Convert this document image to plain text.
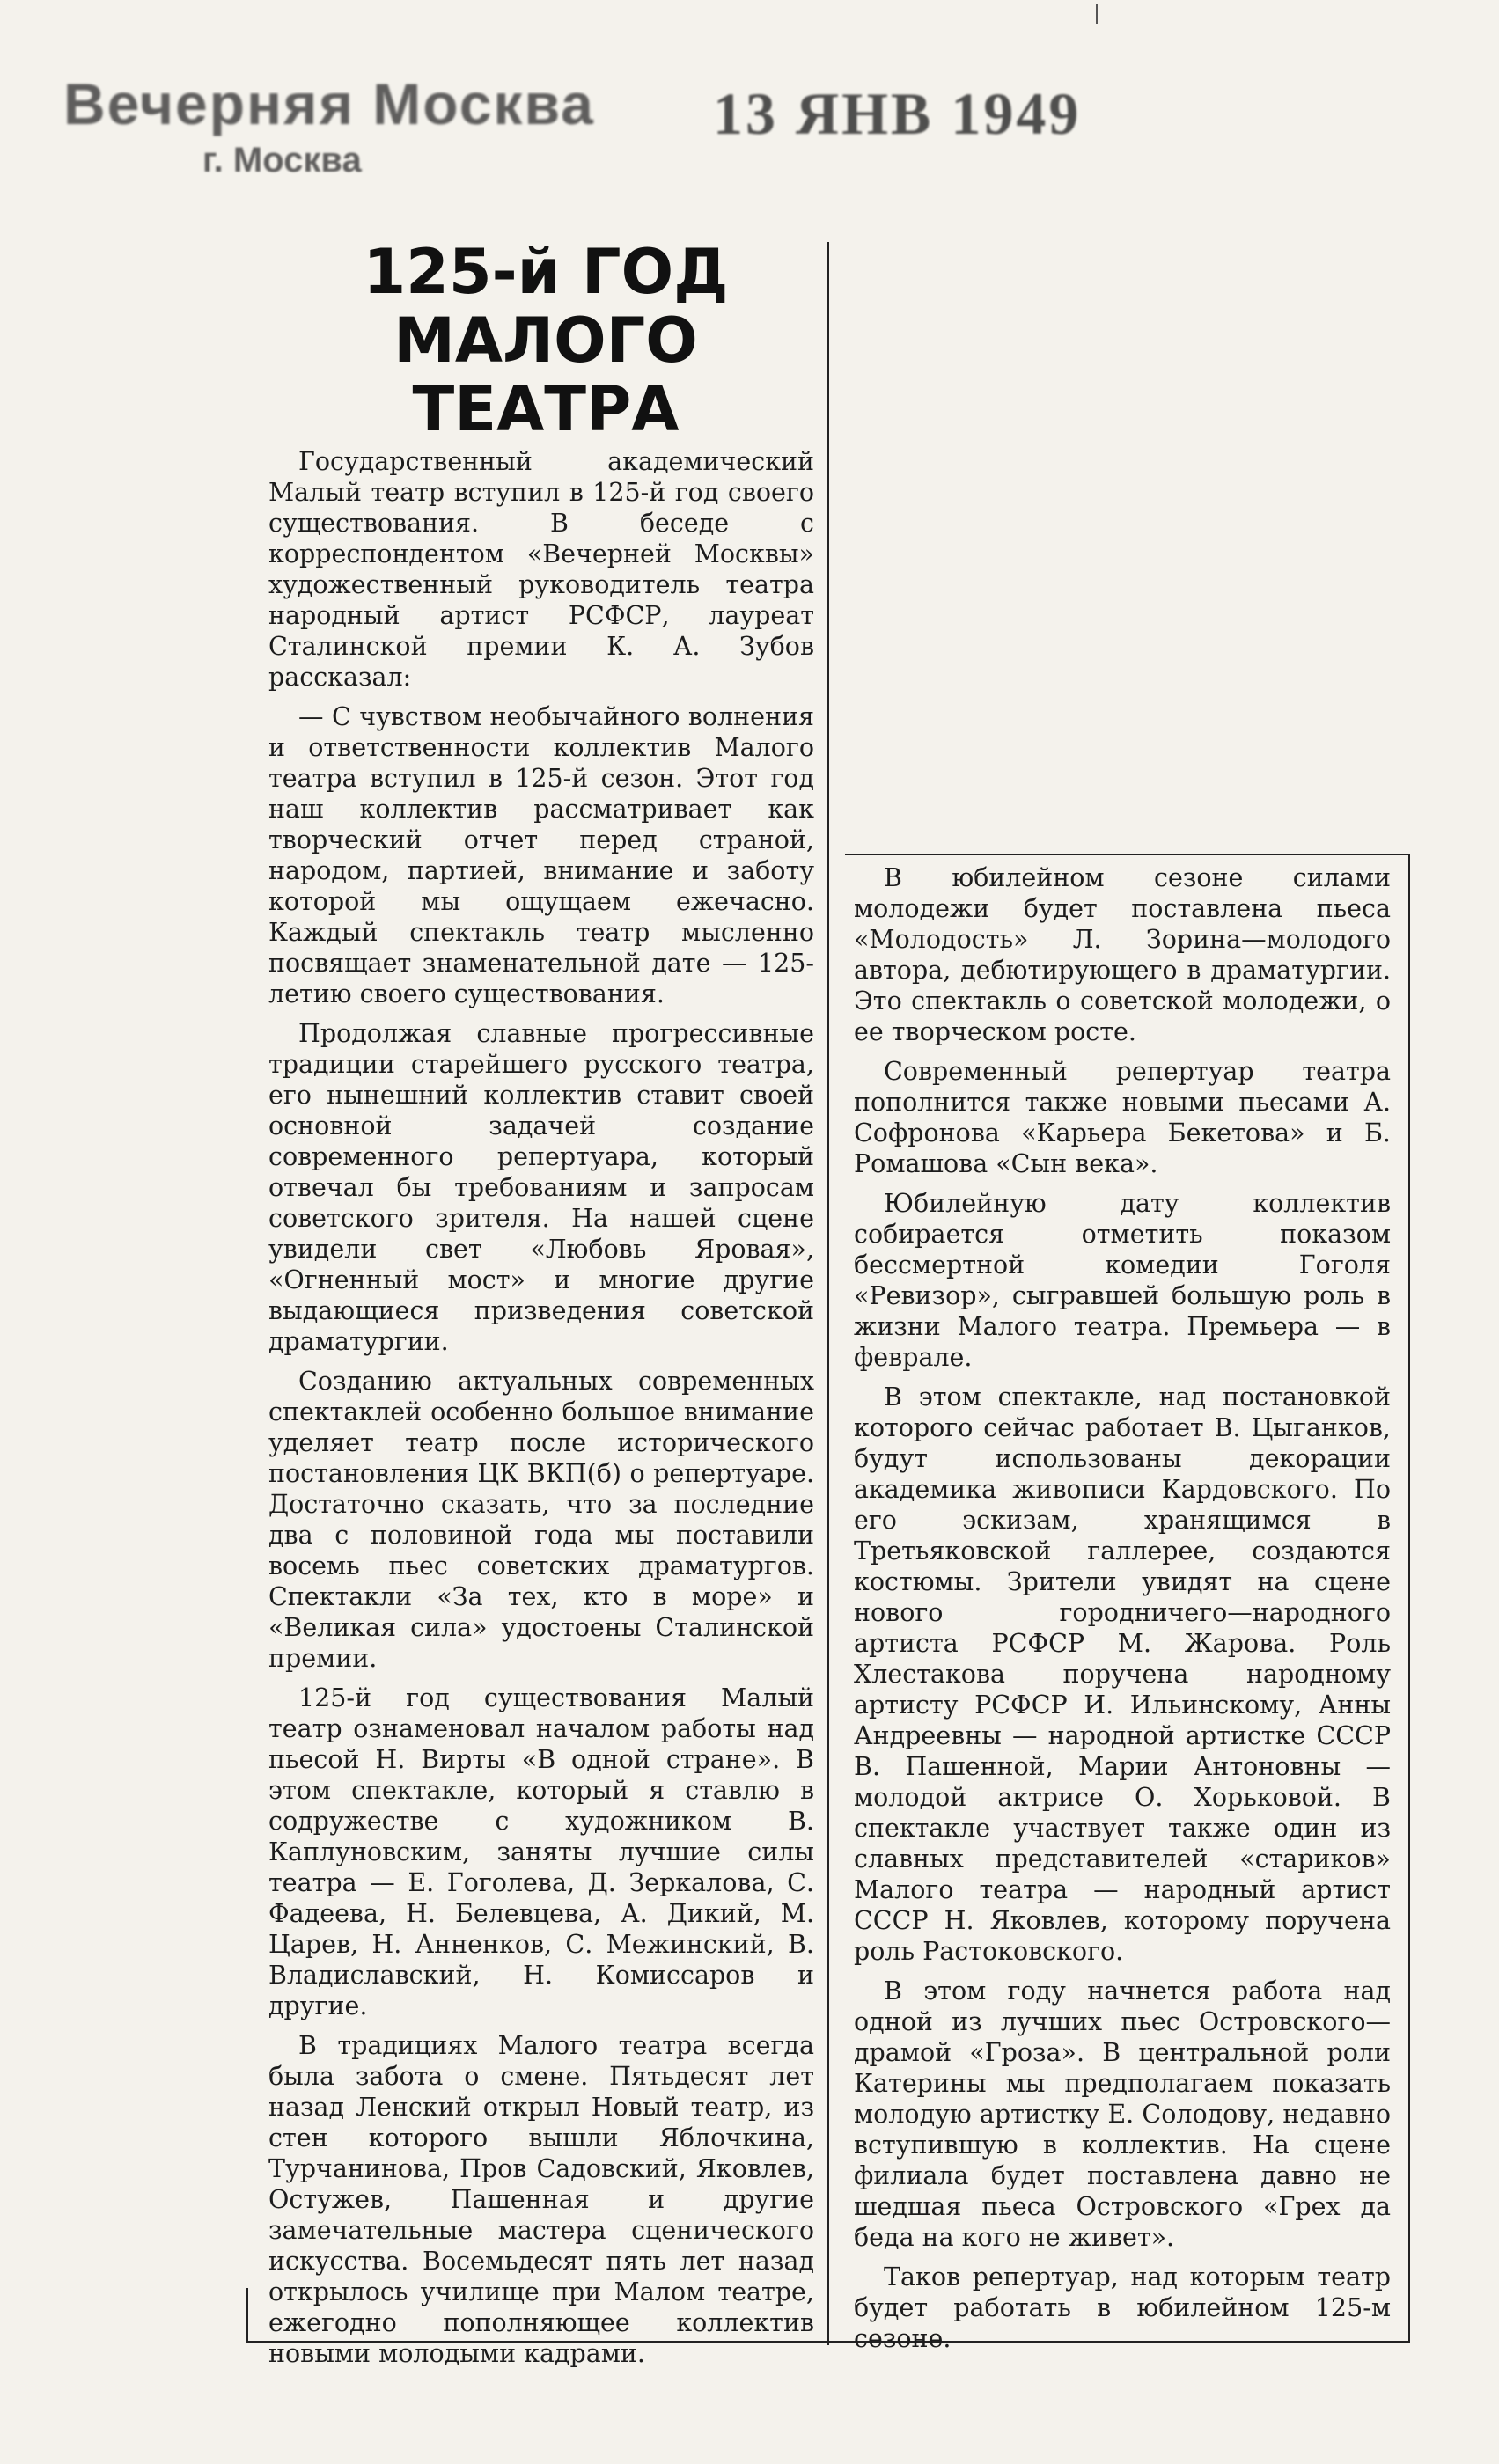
Вечерняя Москва
г. Москва
13 ЯНВ 1949
125-й ГОД
МАЛОГО
ТЕАТРА

Государственный академический Малый театр вступил в 125-й год своего существования. В беседе с корреспондентом «Вечерней Москвы» художественный руководитель театра народный артист РСФСР, лауреат Сталинской премии К. А. Зубов рассказал:

— С чувством необычайного волнения и ответственности коллектив Малого театра вступил в 125-й сезон. Этот год наш коллектив рассматривает как творческий отчет перед страной, народом, партией, внимание и заботу которой мы ощущаем ежечасно. Каждый спектакль театр мысленно посвящает знаменательной дате — 125-летию своего существования.

Продолжая славные прогрессивные традиции старейшего русского театра, его нынешний коллектив ставит своей основной задачей создание современного репертуара, который отвечал бы требованиям и запросам советского зрителя. На нашей сцене увидели свет «Любовь Яровая», «Огненный мост» и многие другие выдающиеся призведения советской драматургии.

Созданию актуальных современных спектаклей особенно большое внимание уделяет театр после исторического постановления ЦК ВКП(б) о репертуаре. Достаточно сказать, что за последние два с половиной года мы поставили восемь пьес советских драматургов. Спектакли «За тех, кто в море» и «Великая сила» удостоены Сталинской премии.

125-й год существования Малый театр ознаменовал началом работы над пьесой Н. Вирты «В одной стране». В этом спектакле, который я ставлю в содружестве с художником В. Каплуновским, заняты лучшие силы театра — Е. Гоголева, Д. Зеркалова, С. Фадеева, Н. Белевцева, А. Дикий, М. Царев, Н. Анненков, С. Межинский, В. Владиславский, Н. Комиссаров и другие.

В традициях Малого театра всегда была забота о смене. Пятьдесят лет назад Ленский открыл Новый театр, из стен которого вышли Яблочкина, Турчанинова, Пров Садовский, Яковлев, Остужев, Пашенная и другие замечательные мастера сценического искусства. Восемьдесят пять лет назад открылось училище при Малом театре, ежегодно пополняющее коллектив новыми молодыми кадрами.

В юбилейном сезоне силами молодежи будет поставлена пьеса «Молодость» Л. Зорина—молодого автора, дебютирующего в драматургии. Это спектакль о советской молодежи, о ее творческом росте.

Современный репертуар театра пополнится также новыми пьесами А. Софронова «Карьера Бекетова» и Б. Ромашова «Сын века».

Юбилейную дату коллектив собирается отметить показом бессмертной комедии Гоголя «Ревизор», сыгравшей большую роль в жизни Малого театра. Премьера — в феврале.

В этом спектакле, над постановкой которого сейчас работает В. Цыганков, будут использованы декорации академика живописи Кардовского. По его эскизам, хранящимся в Третьяковской галлерее, создаются костюмы. Зрители увидят на сцене нового городничего—народного артиста РСФСР М. Жарова. Роль Хлестакова поручена народному артисту РСФСР И. Ильинскому, Анны Андреевны — народной артистке СССР В. Пашенной, Марии Антоновны — молодой актрисе О. Хорьковой. В спектакле участвует также один из славных представителей «стариков» Малого театра — народный артист СССР Н. Яковлев, которому поручена роль Растоковского.

В этом году начнется работа над одной из лучших пьес Островского—драмой «Гроза». В центральной роли Катерины мы предполагаем показать молодую артистку Е. Солодову, недавно вступившую в коллектив. На сцене филиала будет поставлена давно не шедшая пьеса Островского «Грех да беда на кого не живет».

Таков репертуар, над которым театр будет работать в юбилейном 125-м сезоне.
